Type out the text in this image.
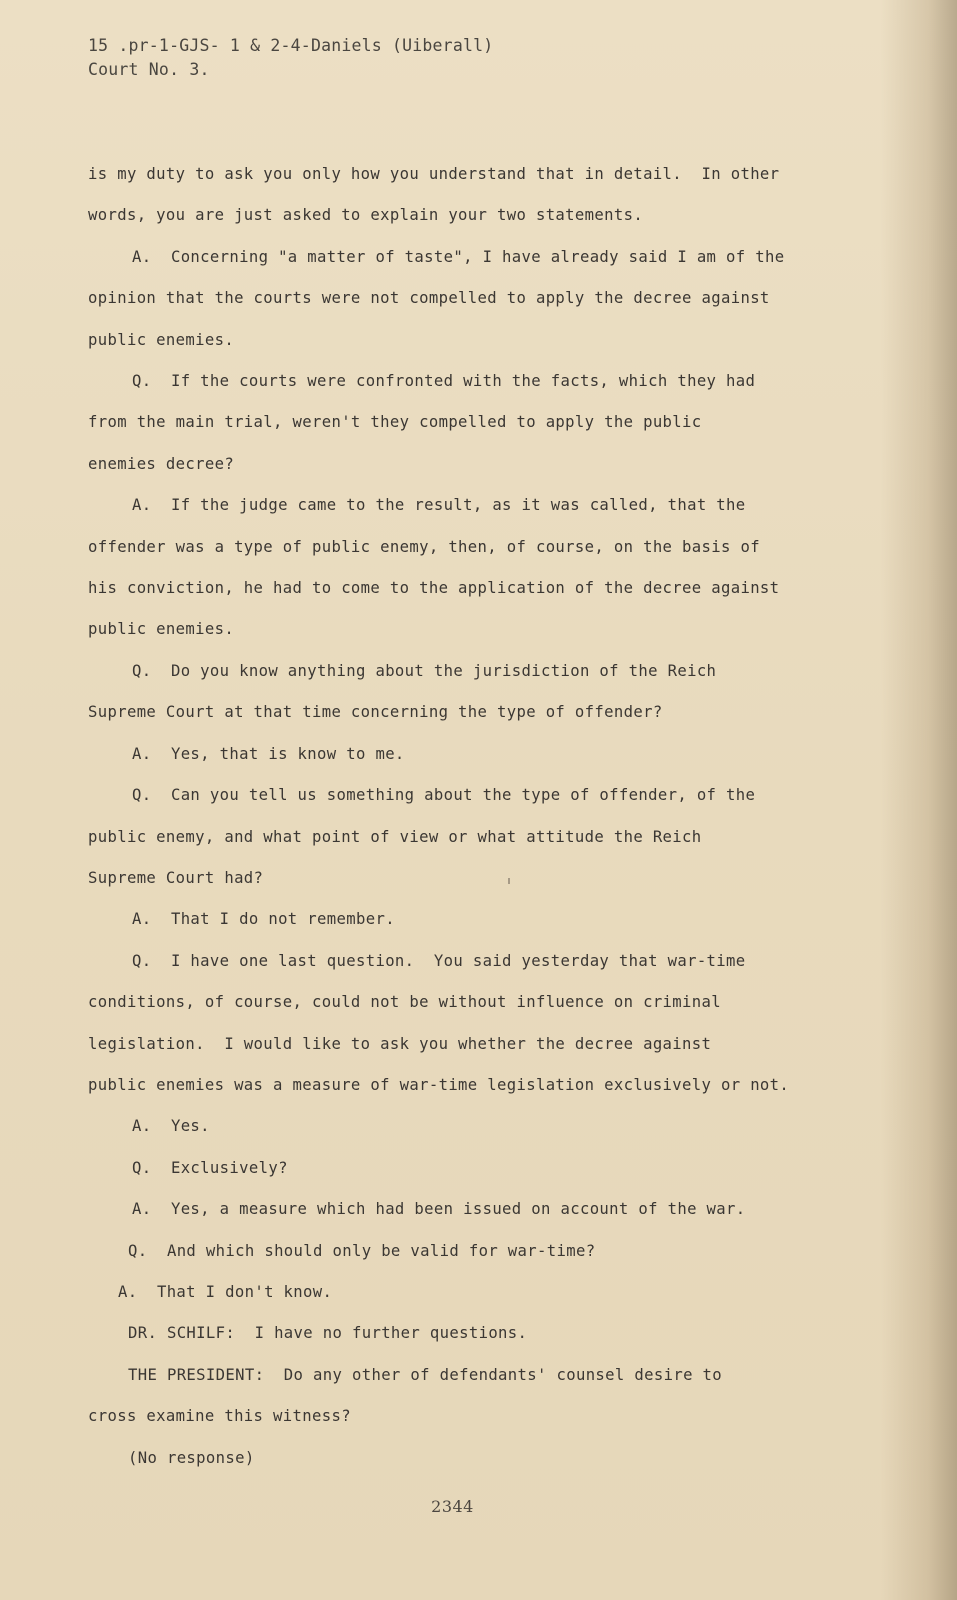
15 .pr-1-GJS- 1 & 2-4-Daniels (Uiberall)
Court No. 3.
is my duty to ask you only how you understand that in detail.  In other
words, you are just asked to explain your two statements.
A.  Concerning "a matter of taste", I have already said I am of the
opinion that the courts were not compelled to apply the decree against
public enemies.
Q.  If the courts were confronted with the facts, which they had
from the main trial, weren't they compelled to apply the public
enemies decree?
A.  If the judge came to the result, as it was called, that the
offender was a type of public enemy, then, of course, on the basis of
his conviction, he had to come to the application of the decree against
public enemies.
Q.  Do you know anything about the jurisdiction of the Reich
Supreme Court at that time concerning the type of offender?
A.  Yes, that is know to me.
Q.  Can you tell us something about the type of offender, of the
public enemy, and what point of view or what attitude the Reich
Supreme Court had?
A.  That I do not remember.
Q.  I have one last question.  You said yesterday that war-time
conditions, of course, could not be without influence on criminal
legislation.  I would like to ask you whether the decree against
public enemies was a measure of war-time legislation exclusively or not.
A.  Yes.
Q.  Exclusively?
A.  Yes, a measure which had been issued on account of the war.
Q.  And which should only be valid for war-time?
A.  That I don't know.
DR. SCHILF:  I have no further questions.
THE PRESIDENT:  Do any other of defendants' counsel desire to
cross examine this witness?
(No response)
2344
